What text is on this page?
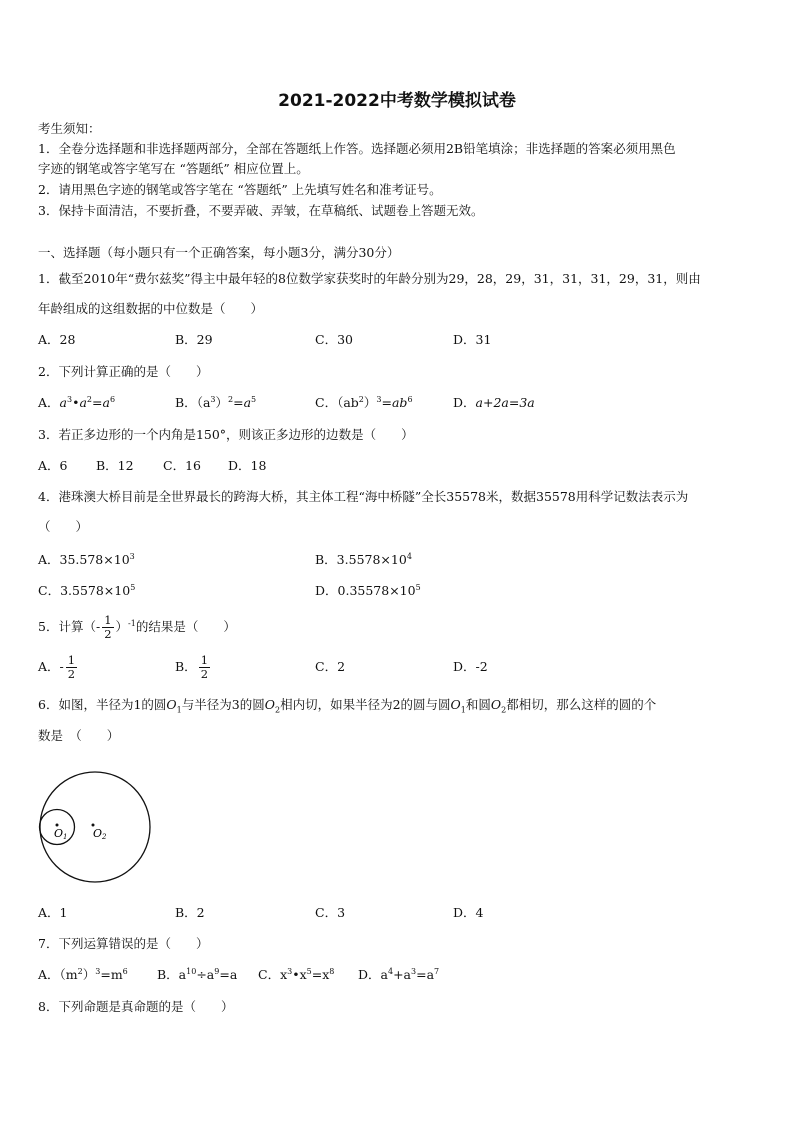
2021-2022中考数学模拟试卷
考生须知：
1．全卷分选择题和非选择题两部分，全部在答题纸上作答。选择题必须用2B铅笔填涂；非选择题的答案必须用黑色
字迹的钢笔或答字笔写在 “答题纸” 相应位置上。
2．请用黑色字迹的钢笔或答字笔在 “答题纸” 上先填写姓名和准考证号。
3．保持卡面清洁，不要折叠，不要弄破、弄皱，在草稿纸、试题卷上答题无效。
一、选择题（每小题只有一个正确答案，每小题3分，满分30分）
1．截至2010年“费尔兹奖”得主中最年轻的8位数学家获奖时的年龄分别为29，28，29，31，31，31，29，31，则由
年龄组成的这组数据的中位数是（　　）
A．28	B．29	C．30	D．31
2．下列计算正确的是（　　）
A．$a^3•a^2=a^6$	B．$(a^3)^2=a^5$	C．$(ab^2)^3=ab^6$	D．a+2a=3a
3．若正多边形的一个内角是150°，则该正多边形的边数是（　　）
A．6 B．12 C．16 D．18
4．港珠澳大桥目前是全世界最长的跨海大桥，其主体工程“海中桥隧”全长35578米，数据35578用科学记数法表示为
（　　）
A．$35.578\times 10^3$	B．$3.5578\times 10^4$
C．$3.5578\times 10^5$	D．$0.35578\times 10^5$
5．计算（- $\frac{1}{2} )^{-1}$的结果是（　　）
A．- $\frac{1}{2}$	B． $\frac{1}{2}$	C．2	D．-2
6．如图，半径为1的圆$O_1$与半径为3的圆$O_2$相内切，如果半径为2的圆与圆$O_1$和圆$O_2$都相切，那么这样的圆的个
数是　（　　）
O1 O2
A．1	B．2	C．3	D．4
7．下列运算错误的是（　　）
A．$(m^2)^3=m^6$ B．$a^{10}\div a^9=a$ C．$x^3•x^5=x^8$ D．$a^4+a^3=a^7$
8．下列命题是真命题的是（　　）
